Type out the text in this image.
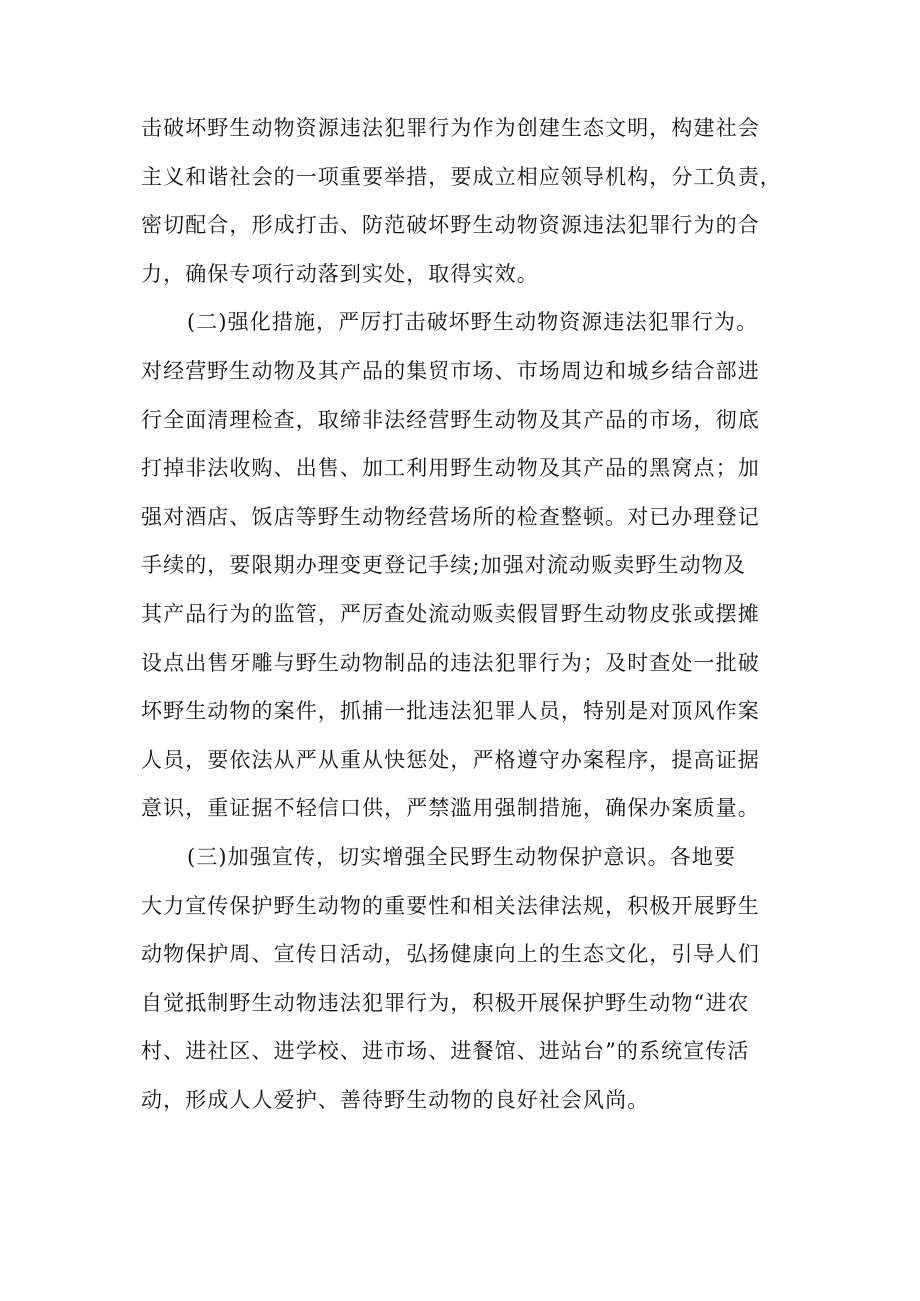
击破坏野生动物资源违法犯罪行为作为创建生态文明，构建社会
主义和谐社会的一项重要举措，要成立相应领导机构，分工负责，
密切配合，形成打击、防范破坏野生动物资源违法犯罪行为的合
力，确保专项行动落到实处，取得实效。
(二)强化措施，严厉打击破坏野生动物资源违法犯罪行为。
对经营野生动物及其产品的集贸市场、市场周边和城乡结合部进
行全面清理检查，取缔非法经营野生动物及其产品的市场，彻底
打掉非法收购、出售、加工利用野生动物及其产品的黑窝点；加
强对酒店、饭店等野生动物经营场所的检查整顿。对已办理登记
手续的，要限期办理变更登记手续;加强对流动贩卖野生动物及
其产品行为的监管，严厉查处流动贩卖假冒野生动物皮张或摆摊
设点出售牙雕与野生动物制品的违法犯罪行为；及时查处一批破
坏野生动物的案件，抓捕一批违法犯罪人员，特别是对顶风作案
人员，要依法从严从重从快惩处，严格遵守办案程序，提高证据
意识，重证据不轻信口供，严禁滥用强制措施，确保办案质量。
(三)加强宣传，切实增强全民野生动物保护意识。各地要
大力宣传保护野生动物的重要性和相关法律法规，积极开展野生
动物保护周、宣传日活动，弘扬健康向上的生态文化，引导人们
自觉抵制野生动物违法犯罪行为，积极开展保护野生动物“进农
村、进社区、进学校、进市场、进餐馆、进站台”的系统宣传活
动，形成人人爱护、善待野生动物的良好社会风尚。
